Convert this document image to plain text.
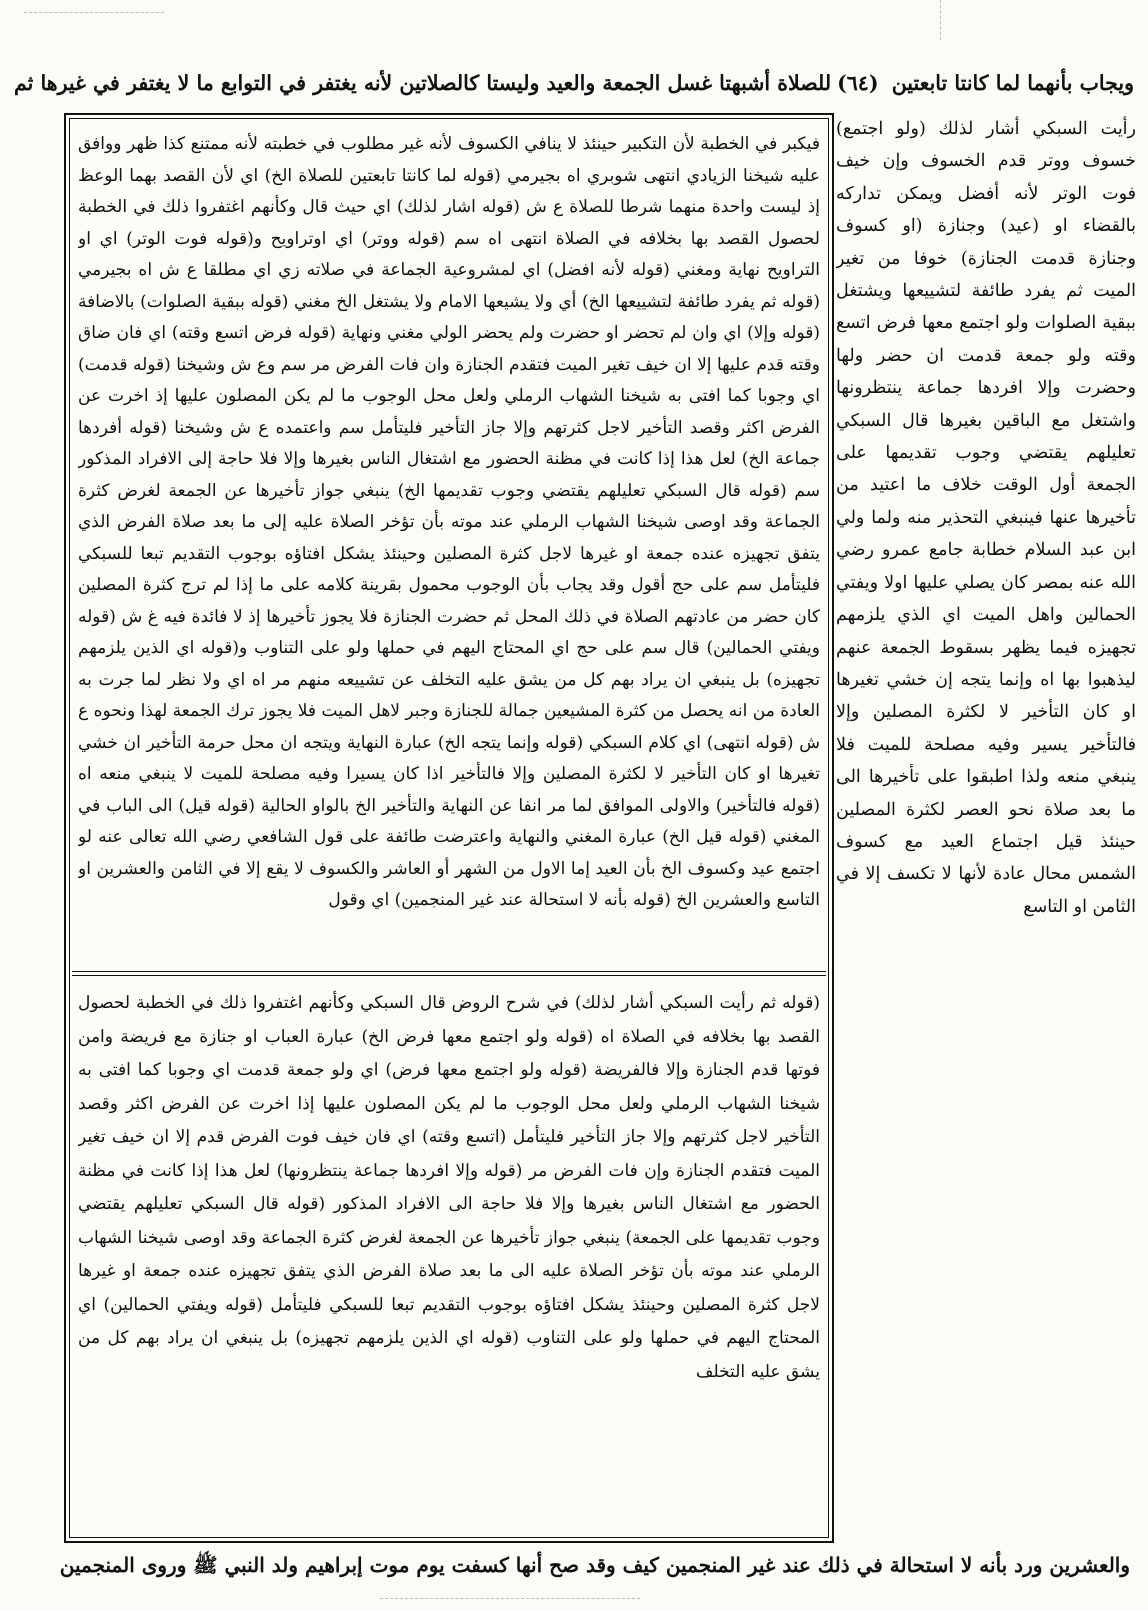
ويجاب بأنهما لما كانتا تابعتين (٦٤)للصلاة أشبهتا غسل الجمعة والعيد وليستا كالصلاتين لأنه يغتفر في التوابع ما لا يغتفر في غيرها ثم

رأيت السبكي أشار لذلك (ولو اجتمع) خسوف ووتر قدم الخسوف وإن خيف فوت الوتر لأنه أفضل ويمكن تداركه بالقضاء او (عيد) وجنازة (او كسوف وجنازة قدمت الجنازة) خوفا من تغير الميت ثم يفرد طائفة لتشييعها ويشتغل ببقية الصلوات ولو اجتمع معها فرض اتسع وقته ولو جمعة قدمت ان حضر ولها وحضرت وإلا افردها جماعة ينتظرونها واشتغل مع الباقين بغيرها قال السبكي تعليلهم يقتضي وجوب تقديمها على الجمعة أول الوقت خلاف ما اعتيد من تأخيرها عنها فينبغي التحذير منه ولما ولي ابن عبد السلام خطابة جامع عمرو رضي الله عنه بمصر كان يصلي عليها اولا ويفتي الحمالين واهل الميت اي الذي يلزمهم تجهيزه فيما يظهر بسقوط الجمعة عنهم ليذهبوا بها اه وإنما يتجه إن خشي تغيرها او كان التأخير لا لكثرة المصلين وإلا فالتأخير يسير وفيه مصلحة للميت فلا ينبغي منعه ولذا اطبقوا على تأخيرها الى ما بعد صلاة نحو العصر لكثرة المصلين حينئذ قيل اجتماع العيد مع كسوف الشمس محال عادة لأنها لا تكسف إلا في الثامن او التاسع

فيكبر في الخطبة لأن التكبير حينئذ لا ينافي الكسوف لأنه غير مطلوب في خطبته لأنه ممتنع كذا ظهر ووافق عليه شيخنا الزيادي انتهى شوبري اه بجيرمي (قوله لما كانتا تابعتين للصلاة الخ) اي لأن القصد بهما الوعظ إذ ليست واحدة منهما شرطا للصلاة ع ش (قوله اشار لذلك) اي حيث قال وكأنهم اغتفروا ذلك في الخطبة لحصول القصد بها بخلافه في الصلاة انتهى اه سم (قوله ووتر) اي اوتراويح و(قوله فوت الوتر) اي او التراويح نهاية ومغني (قوله لأنه افضل) اي لمشروعية الجماعة في صلاته زي اي مطلقا ع ش اه بجيرمي (قوله ثم يفرد طائفة لتشييعها الخ) أي ولا يشيعها الامام ولا يشتغل الخ مغني (قوله ببقية الصلوات) بالاضافة (قوله وإلا) اي وان لم تحضر او حضرت ولم يحضر الولي مغني ونهاية (قوله فرض اتسع وقته) اي فان ضاق وقته قدم عليها إلا ان خيف تغير الميت فتقدم الجنازة وان فات الفرض مر سم وع ش وشيخنا (قوله قدمت) اي وجوبا كما افتى به شيخنا الشهاب الرملي ولعل محل الوجوب ما لم يكن المصلون عليها إذ اخرت عن الفرض اكثر وقصد التأخير لاجل كثرتهم وإلا جاز التأخير فليتأمل سم واعتمده ع ش وشيخنا (قوله أفردها جماعة الخ) لعل هذا إذا كانت في مظنة الحضور مع اشتغال الناس بغيرها وإلا فلا حاجة إلى الافراد المذكور سم (قوله قال السبكي تعليلهم يقتضي وجوب تقديمها الخ) ينبغي جواز تأخيرها عن الجمعة لغرض كثرة الجماعة وقد اوصى شيخنا الشهاب الرملي عند موته بأن تؤخر الصلاة عليه إلى ما بعد صلاة الفرض الذي يتفق تجهيزه عنده جمعة او غيرها لاجل كثرة المصلين وحينئذ يشكل افتاؤه بوجوب التقديم تبعا للسبكي فليتأمل سم على حج أقول وقد يجاب بأن الوجوب محمول بقرينة كلامه على ما إذا لم ترج كثرة المصلين كان حضر من عادتهم الصلاة في ذلك المحل ثم حضرت الجنازة فلا يجوز تأخيرها إذ لا فائدة فيه غ ش (قوله ويفتي الحمالين) قال سم على حج اي المحتاج اليهم في حملها ولو على التناوب و(قوله اي الذين يلزمهم تجهيزه) بل ينبغي ان يراد بهم كل من يشق عليه التخلف عن تشييعه منهم مر اه اي ولا نظر لما جرت به العادة من انه يحصل من كثرة المشيعين جمالة للجنازة وجبر لاهل الميت فلا يجوز ترك الجمعة لهذا ونحوه ع ش (قوله انتهى) اي كلام السبكي (قوله وإنما يتجه الخ) عبارة النهاية ويتجه ان محل حرمة التأخير ان خشي تغيرها او كان التأخير لا لكثرة المصلين وإلا فالتأخير اذا كان يسيرا وفيه مصلحة للميت لا ينبغي منعه اه (قوله فالتأخير) والاولى الموافق لما مر انفا عن النهاية والتأخير الخ بالواو الحالية (قوله قيل) الى الباب في المغني (قوله قيل الخ) عبارة المغني والنهاية واعترضت طائفة على قول الشافعي رضي الله تعالى عنه لو اجتمع عيد وكسوف الخ بأن العيد إما الاول من الشهر أو العاشر والكسوف لا يقع إلا في الثامن والعشرين او التاسع والعشرين الخ (قوله بأنه لا استحالة عند غير المنجمين) اي وقول

(قوله ثم رأيت السبكي أشار لذلك) في شرح الروض قال السبكي وكأنهم اغتفروا ذلك في الخطبة لحصول القصد بها بخلافه في الصلاة اه (قوله ولو اجتمع معها فرض الخ) عبارة العباب او جنازة مع فريضة وامن فوتها قدم الجنازة وإلا فالفريضة (قوله ولو اجتمع معها فرض) اي ولو جمعة قدمت اي وجوبا كما افتى به شيخنا الشهاب الرملي ولعل محل الوجوب ما لم يكن المصلون عليها إذا اخرت عن الفرض اكثر وقصد التأخير لاجل كثرتهم وإلا جاز التأخير فليتأمل (اتسع وقته) اي فان خيف فوت الفرض قدم إلا ان خيف تغير الميت فتقدم الجنازة وإن فات الفرض مر (قوله وإلا افردها جماعة ينتظرونها) لعل هذا إذا كانت في مظنة الحضور مع اشتغال الناس بغيرها وإلا فلا حاجة الى الافراد المذكور (قوله قال السبكي تعليلهم يقتضي وجوب تقديمها على الجمعة) ينبغي جواز تأخيرها عن الجمعة لغرض كثرة الجماعة وقد اوصى شيخنا الشهاب الرملي عند موته بأن تؤخر الصلاة عليه الى ما بعد صلاة الفرض الذي يتفق تجهيزه عنده جمعة او غيرها لاجل كثرة المصلين وحينئذ يشكل افتاؤه بوجوب التقديم تبعا للسبكي فليتأمل (قوله ويفتي الحمالين) اي المحتاج اليهم في حملها ولو على التناوب (قوله اي الذين يلزمهم تجهيزه) بل ينبغي ان يراد بهم كل من يشق عليه التخلف

والعشرين ورد بأنه لا استحالة في ذلك عند غير المنجمين كيف وقد صح أنها كسفت يوم موت إبراهيم ولد النبي ﷺ وروى المنجمين
